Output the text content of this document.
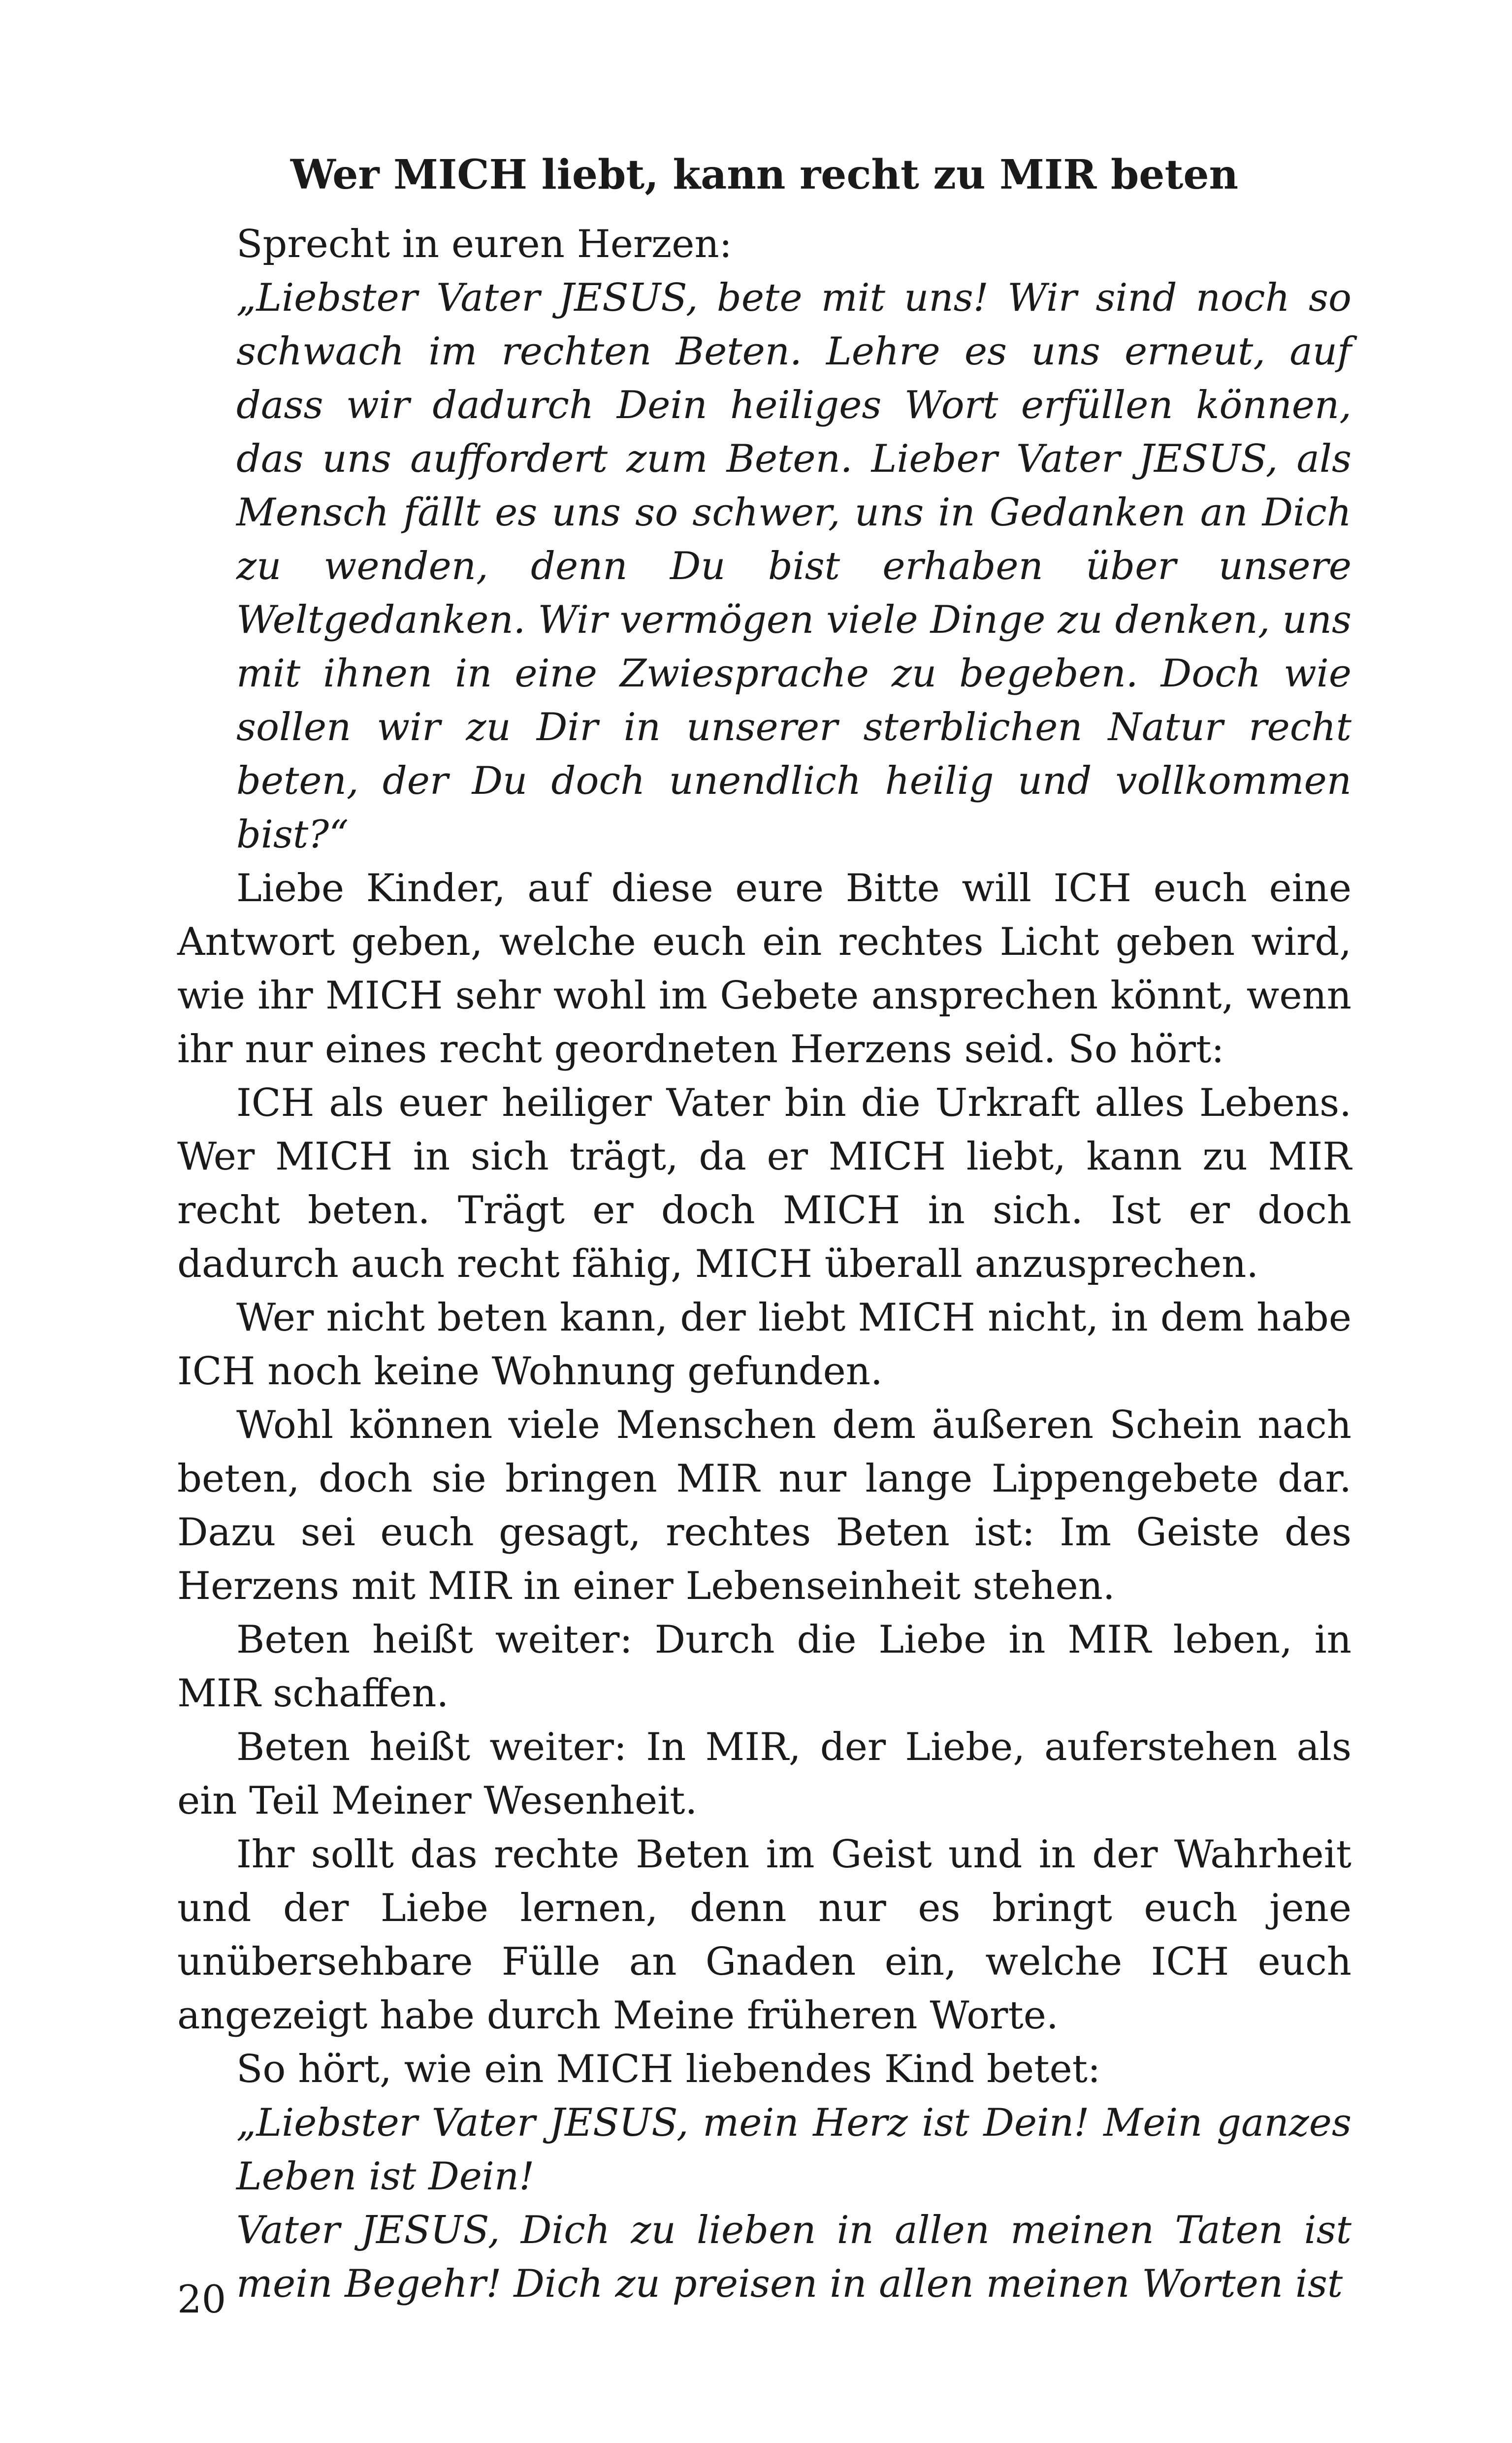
Wer MICH liebt, kann recht zu MIR beten

Sprecht in euren Herzen:

„Liebster Vater JESUS, bete mit uns! Wir sind noch so schwach im rechten Beten. Lehre es uns erneut, auf dass wir dadurch Dein heiliges Wort erfüllen können, das uns auffordert zum Beten. Lieber Vater JESUS, als Mensch fällt es uns so schwer, uns in Gedanken an Dich zu wenden, denn Du bist erhaben über unsere Weltgedanken. Wir vermögen viele Dinge zu denken, uns mit ihnen in eine Zwiesprache zu begeben. Doch wie sollen wir zu Dir in unserer sterblichen Natur recht beten, der Du doch unendlich heilig und vollkommen bist?“

Liebe Kinder, auf diese eure Bitte will ICH euch eine Antwort geben, welche euch ein rechtes Licht geben wird, wie ihr MICH sehr wohl im Gebete ansprechen könnt, wenn ihr nur eines recht geordneten Herzens seid. So hört:

ICH als euer heiliger Vater bin die Urkraft alles Lebens. Wer MICH in sich trägt, da er MICH liebt, kann zu MIR recht beten. Trägt er doch MICH in sich. Ist er doch dadurch auch recht fähig, MICH überall anzusprechen.

Wer nicht beten kann, der liebt MICH nicht, in dem habe ICH noch keine Wohnung gefunden.

Wohl können viele Menschen dem äußeren Schein nach beten, doch sie bringen MIR nur lange Lippengebete dar. Dazu sei euch gesagt, rechtes Beten ist: Im Geiste des Herzens mit MIR in einer Lebenseinheit stehen.

Beten heißt weiter: Durch die Liebe in MIR leben, in MIR schaffen.

Beten heißt weiter: In MIR, der Liebe, auferstehen als ein Teil Meiner Wesenheit.

Ihr sollt das rechte Beten im Geist und in der Wahrheit und der Liebe lernen, denn nur es bringt euch jene unübersehbare Fülle an Gnaden ein, welche ICH euch angezeigt habe durch Meine früheren Worte.

So hört, wie ein MICH liebendes Kind betet:

„Liebster Vater JESUS, mein Herz ist Dein! Mein ganzes Leben ist Dein!

Vater JESUS, Dich zu lieben in allen meinen Taten ist mein Begehr! Dich zu preisen in allen meinen Worten ist

20
